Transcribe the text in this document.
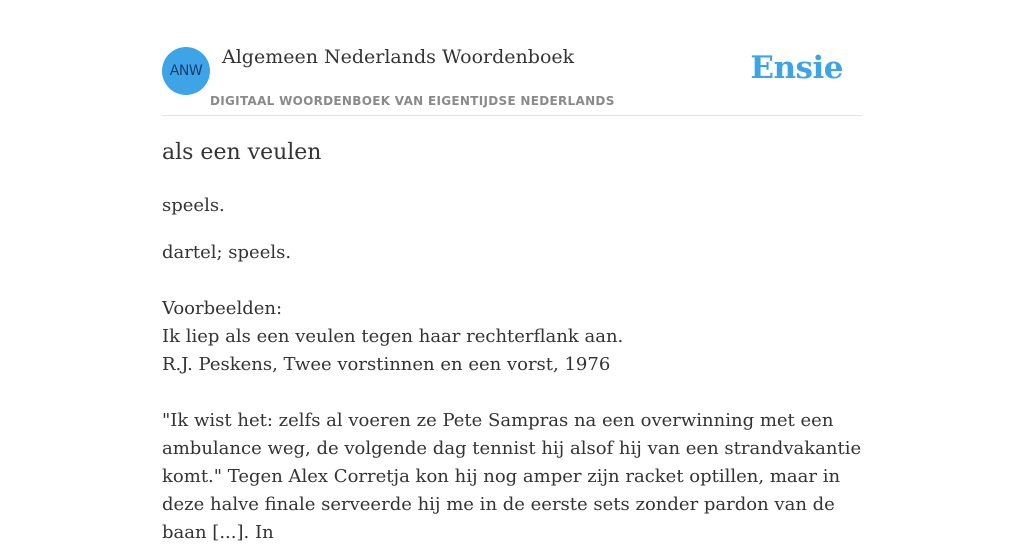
ANW
Algemeen Nederlands Woordenboek
DIGITAAL WOORDENBOEK VAN EIGENTIJDSE NEDERLANDS
Ensie
als een veulen
speels.
dartel; speels.
Voorbeelden:
Ik liep als een veulen tegen haar rechterflank aan.
R.J. Peskens, Twee vorstinnen en een vorst, 1976
"Ik wist het: zelfs al voeren ze Pete Sampras na een overwinning met een ambulance weg, de volgende dag tennist hij alsof hij van een strandvakantie komt." Tegen Alex Corretja kon hij nog amper zijn racket optillen, maar in deze halve finale serveerde hij me in de eerste sets zonder pardon van de baan [...]. In
